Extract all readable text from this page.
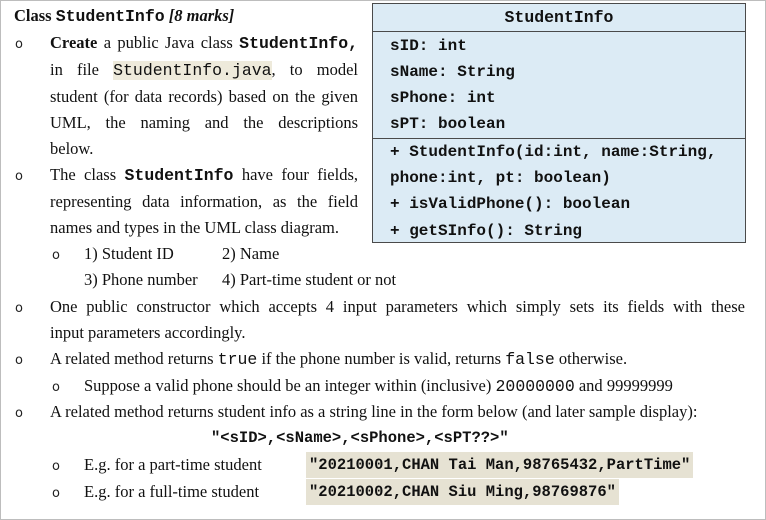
Class StudentInfo [8 marks]	StudentInfo
sID: int
sName: String
sPhone: int
sPT: boolean
+ StudentInfo(id:int, name:String,
phone:int, pt: boolean)
+ isValidPhone(): boolean
+ getSInfo(): String
o Create a public Java class StudentInfo,
in file StudentInfo.java, to model
student (for data records) based on the given
UML, the naming and the descriptions
below.
o The class StudentInfo have four fields,
representing data information, as the field
names and types in the UML class diagram.
o 1) Student ID	2) Name
3) Phone number 4) Part-time student or not
o One public constructor which accepts 4 input parameters which simply sets its fields with these
input parameters accordingly.
o A related method returns true if the phone number is valid, returns false otherwise.
o Suppose a valid phone should be an integer within (inclusive) 20000000 and 99999999
o A related method returns student info as a string line in the form below (and later sample display):
"<sID>,<sName>,<sPhone>,<sPT??>"
o E.g. for a part-time student	"20210001,CHAN Tai Man,98765432,PartTime"
o E.g. for a full-time student	"20210002,CHAN Siu Ming,98769876"
